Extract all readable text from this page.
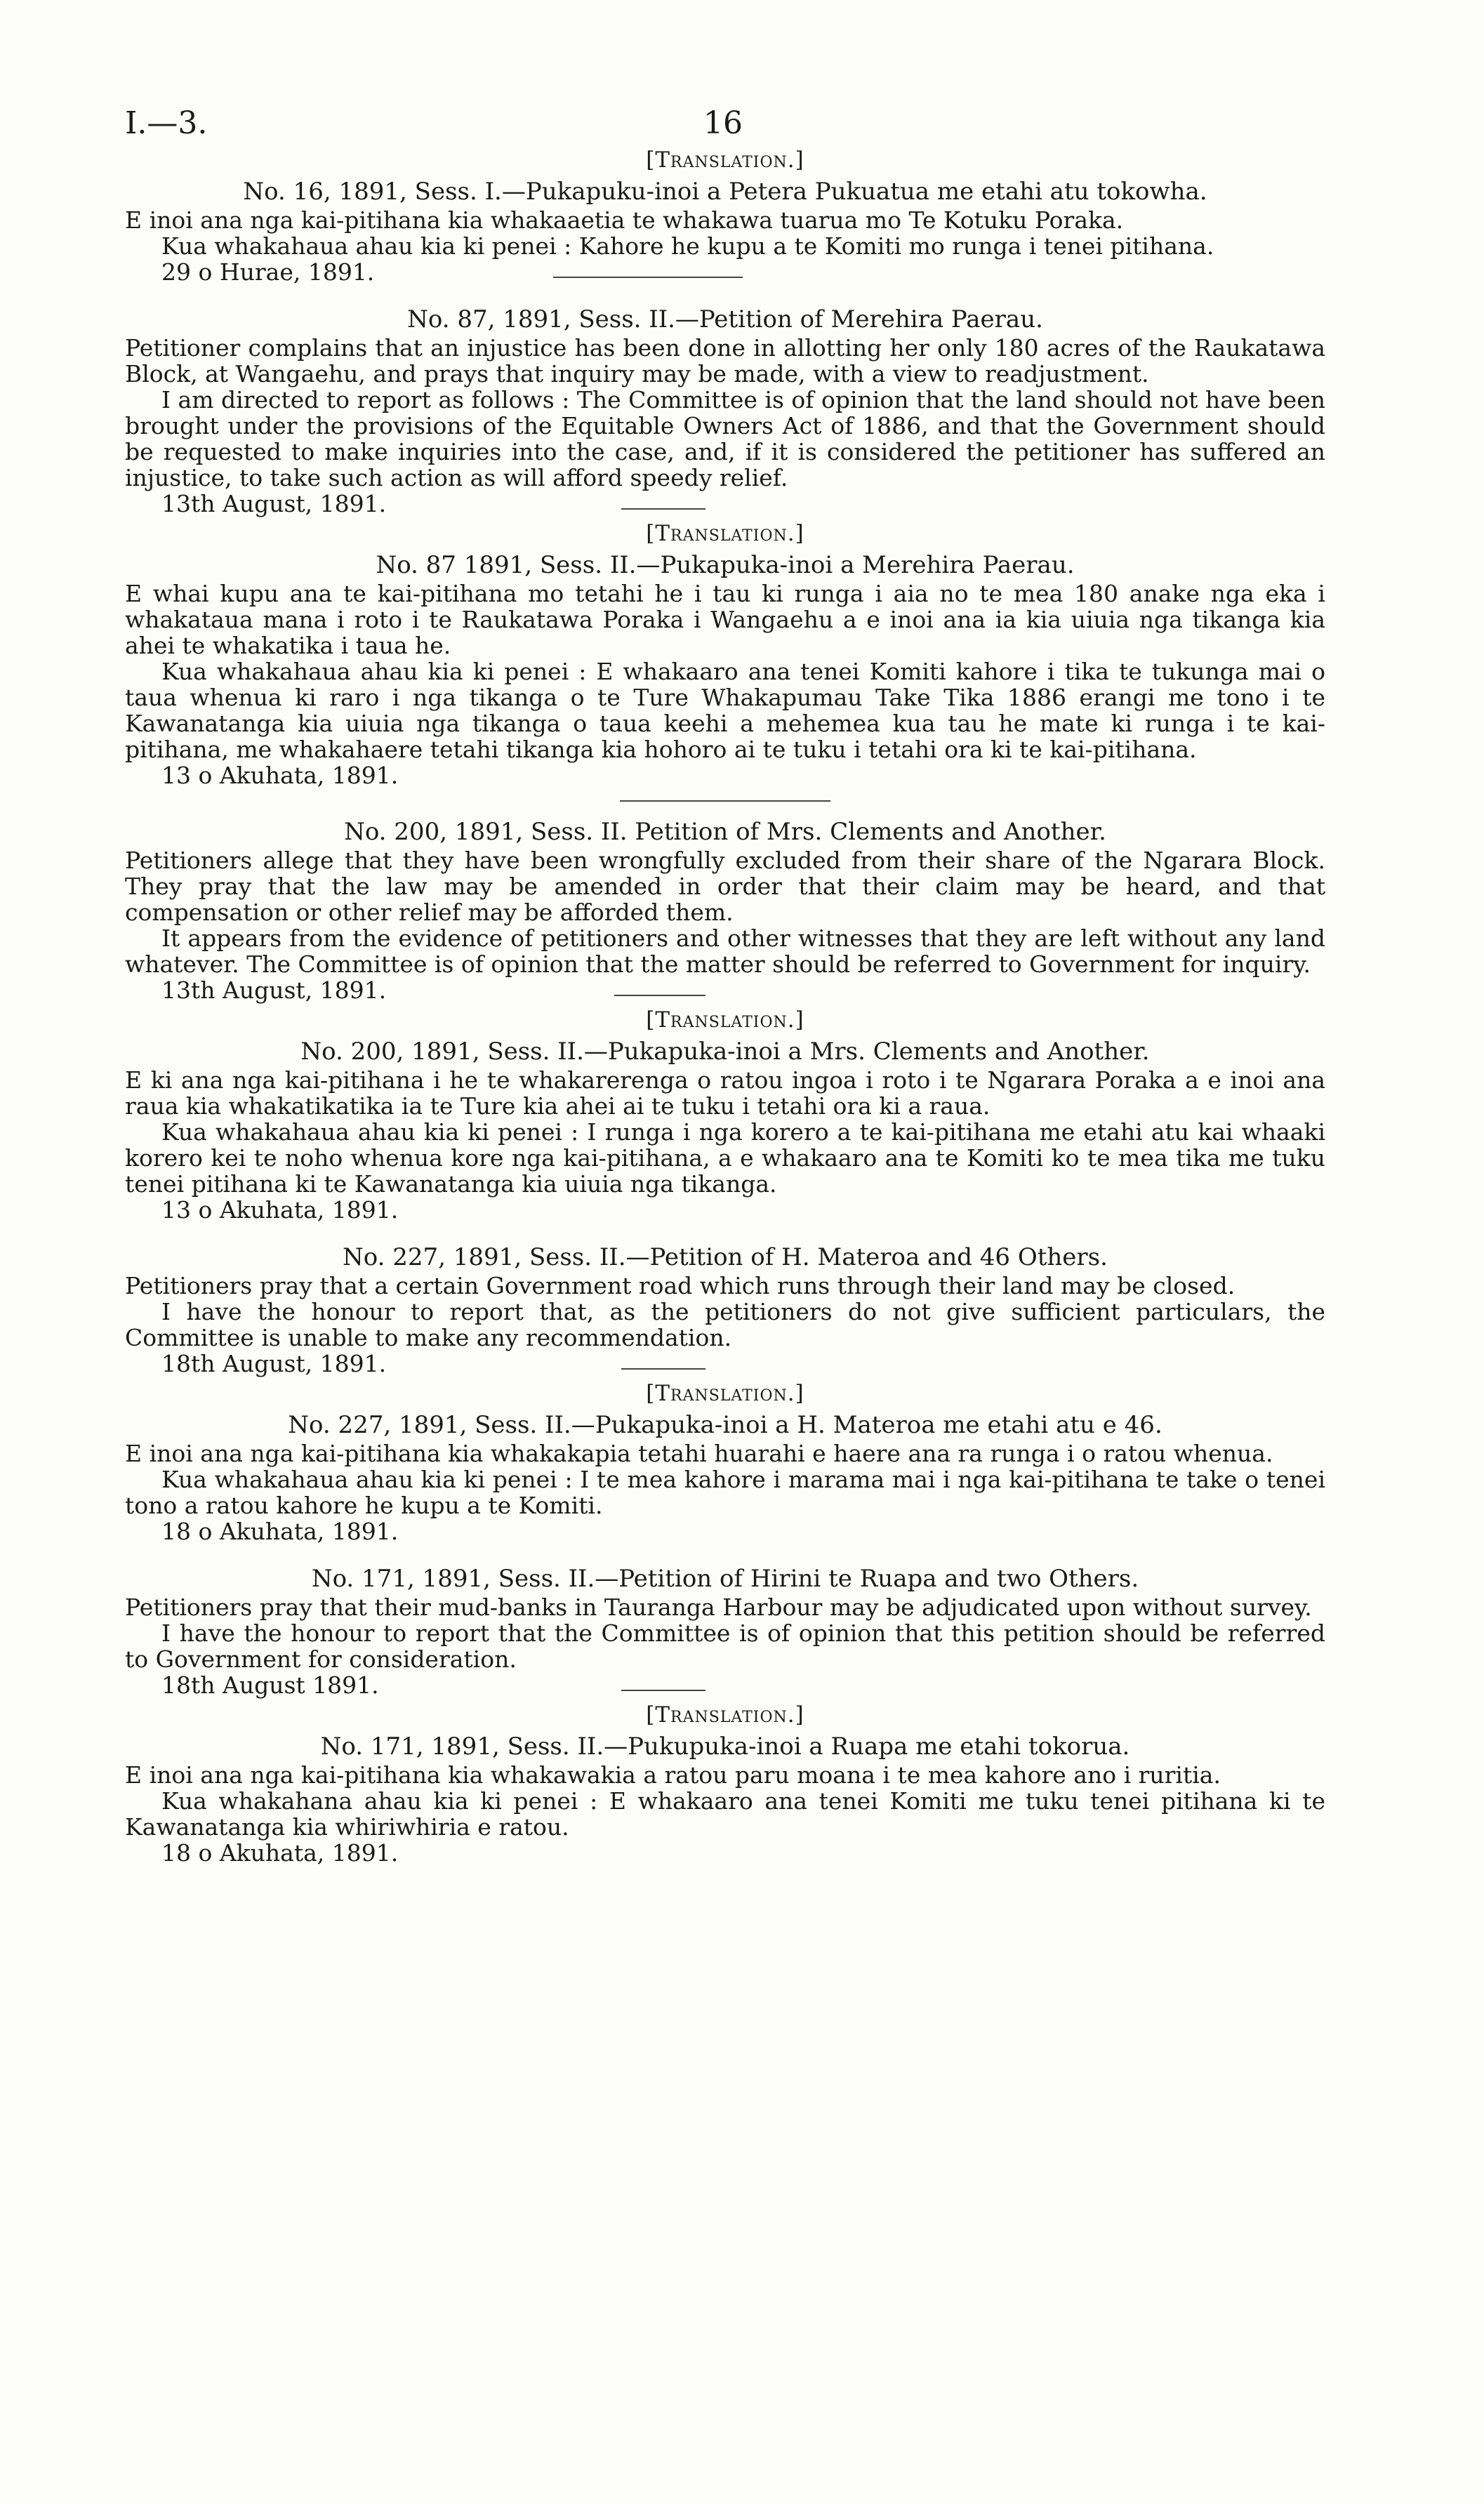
I.—3.	16
[Translation.]
No. 16, 1891, Sess. I.—Pukapuku-inoi a Petera Pukuatua me etahi atu tokowha.

E inoi ana nga kai-pitihana kia whakaaetia te whakawa tuarua mo Te Kotuku Poraka.

Kua whakahaua ahau kia ki penei : Kahore he kupu a te Komiti mo runga i tenei pitihana.

29 o Hurae, 1891.
No. 87, 1891, Sess. II.—Petition of Merehira Paerau.

Petitioner complains that an injustice has been done in allotting her only 180 acres of the Raukatawa Block, at Wangaehu, and prays that inquiry may be made, with a view to readjustment.

I am directed to report as follows : The Committee is of opinion that the land should not have been brought under the provisions of the Equitable Owners Act of 1886, and that the Government should be requested to make inquiries into the case, and, if it is considered the petitioner has suffered an injustice, to take such action as will afford speedy relief.

13th August, 1891.
[Translation.]
No. 87 1891, Sess. II.—Pukapuka-inoi a Merehira Paerau.

E whai kupu ana te kai-pitihana mo tetahi he i tau ki runga i aia no te mea 180 anake nga eka i whakataua mana i roto i te Raukatawa Poraka i Wangaehu a e inoi ana ia kia uiuia nga tikanga kia ahei te whakatika i taua he.

Kua whakahaua ahau kia ki penei : E whakaaro ana tenei Komiti kahore i tika te tukunga mai o taua whenua ki raro i nga tikanga o te Ture Whakapumau Take Tika 1886 erangi me tono i te Kawanatanga kia uiuia nga tikanga o taua keehi a mehemea kua tau he mate ki runga i te kai-pitihana, me whakahaere tetahi tikanga kia hohoro ai te tuku i tetahi ora ki te kai-pitihana.

13 o Akuhata, 1891.
No. 200, 1891, Sess. II. Petition of Mrs. Clements and Another.

Petitioners allege that they have been wrongfully excluded from their share of the Ngarara Block. They pray that the law may be amended in order that their claim may be heard, and that compensation or other relief may be afforded them.

It appears from the evidence of petitioners and other witnesses that they are left without any land whatever. The Committee is of opinion that the matter should be referred to Government for inquiry.

13th August, 1891.
[Translation.]
No. 200, 1891, Sess. II.—Pukapuka-inoi a Mrs. Clements and Another.

E ki ana nga kai-pitihana i he te whakarerenga o ratou ingoa i roto i te Ngarara Poraka a e inoi ana raua kia whakatikatika ia te Ture kia ahei ai te tuku i tetahi ora ki a raua.

Kua whakahaua ahau kia ki penei : I runga i nga korero a te kai-pitihana me etahi atu kai whaaki korero kei te noho whenua kore nga kai-pitihana, a e whakaaro ana te Komiti ko te mea tika me tuku tenei pitihana ki te Kawanatanga kia uiuia nga tikanga.

13 o Akuhata, 1891.
No. 227, 1891, Sess. II.—Petition of H. Materoa and 46 Others.

Petitioners pray that a certain Government road which runs through their land may be closed.

I have the honour to report that, as the petitioners do not give sufficient particulars, the Committee is unable to make any recommendation.

18th August, 1891.
[Translation.]
No. 227, 1891, Sess. II.—Pukapuka-inoi a H. Materoa me etahi atu e 46.

E inoi ana nga kai-pitihana kia whakakapia tetahi huarahi e haere ana ra runga i o ratou whenua.

Kua whakahaua ahau kia ki penei : I te mea kahore i marama mai i nga kai-pitihana te take o tenei tono a ratou kahore he kupu a te Komiti.

18 o Akuhata, 1891.
No. 171, 1891, Sess. II.—Petition of Hirini te Ruapa and two Others.

Petitioners pray that their mud-banks in Tauranga Harbour may be adjudicated upon without survey.

I have the honour to report that the Committee is of opinion that this petition should be referred to Government for consideration.

18th August 1891.
[Translation.]
No. 171, 1891, Sess. II.—Pukupuka-inoi a Ruapa me etahi tokorua.

E inoi ana nga kai-pitihana kia whakawakia a ratou paru moana i te mea kahore ano i ruritia.

Kua whakahana ahau kia ki penei : E whakaaro ana tenei Komiti me tuku tenei pitihana ki te Kawanatanga kia whiriwhiria e ratou.

18 o Akuhata, 1891.
